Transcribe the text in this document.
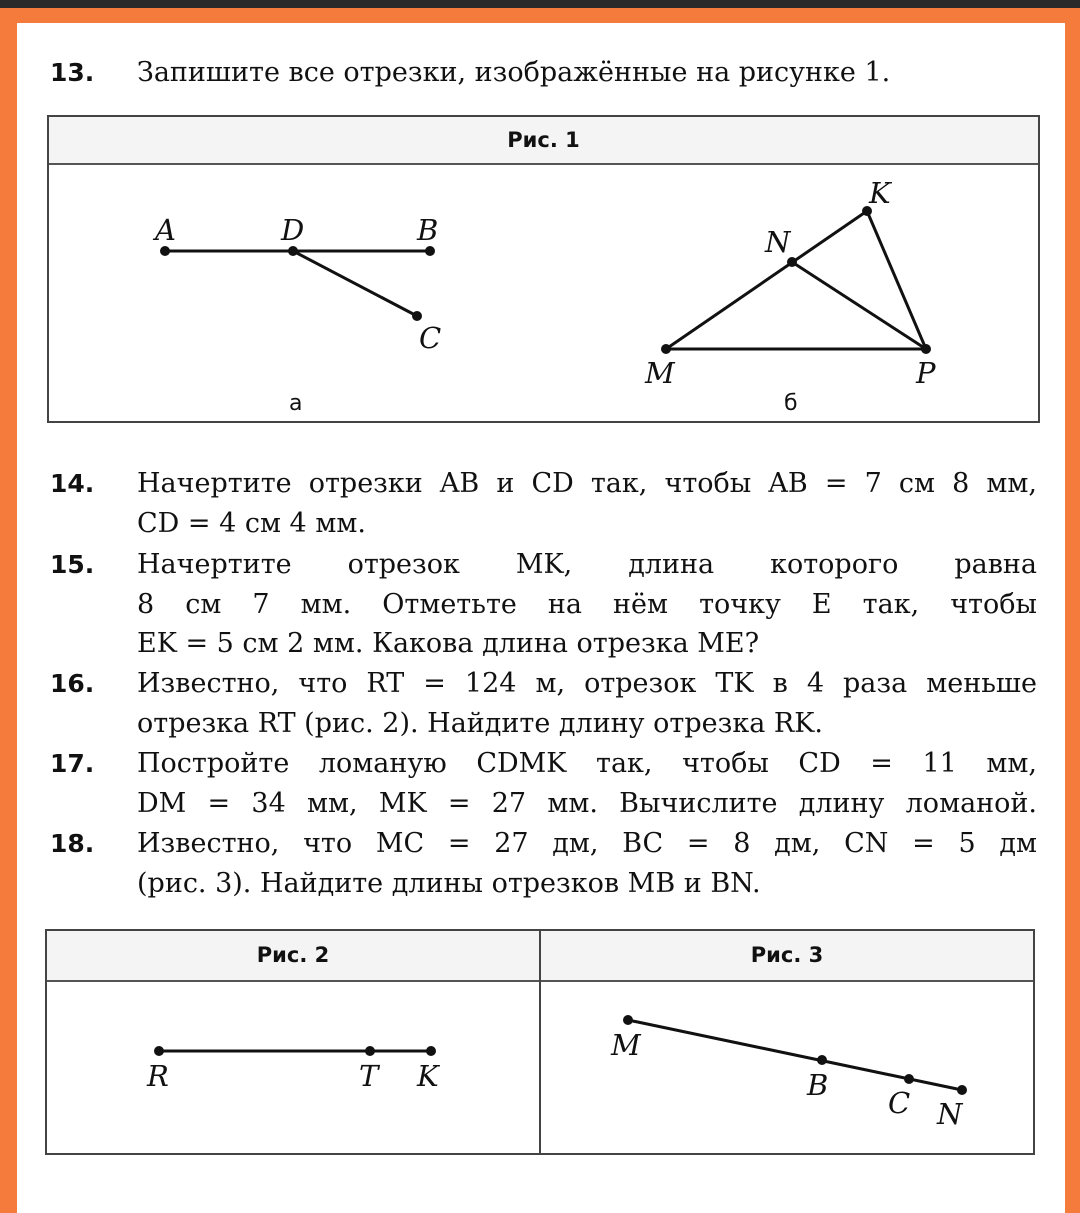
13. Запишите все отрезки, изображённые на рисунке 1.
Рис. 1
A	D	B
C
а
K
N
M	P
б
14. Начертите отрезки AB и CD так, чтобы AB = 7 см 8 мм,
CD = 4 см 4 мм.
15. Начертите отрезок MK, длина которого равна
8 см 7 мм. Отметьте на нём точку E так, чтобы
EK = 5 см 2 мм. Какова длина отрезка ME?
16. Известно, что RT = 124 м, отрезок TK в 4 раза меньше
отрезка RT (рис. 2). Найдите длину отрезка RK.
17. Постройте ломаную CDMK так, чтобы CD = 11 мм,
DM = 34 мм, MK = 27 мм. Вычислите длину ломаной.
18. Известно, что MC = 27 дм, BC = 8 дм, CN = 5 дм
(рис. 3). Найдите длины отрезков MB и BN.
Рис. 2
R	T K
Рис. 3
M
B
C N
